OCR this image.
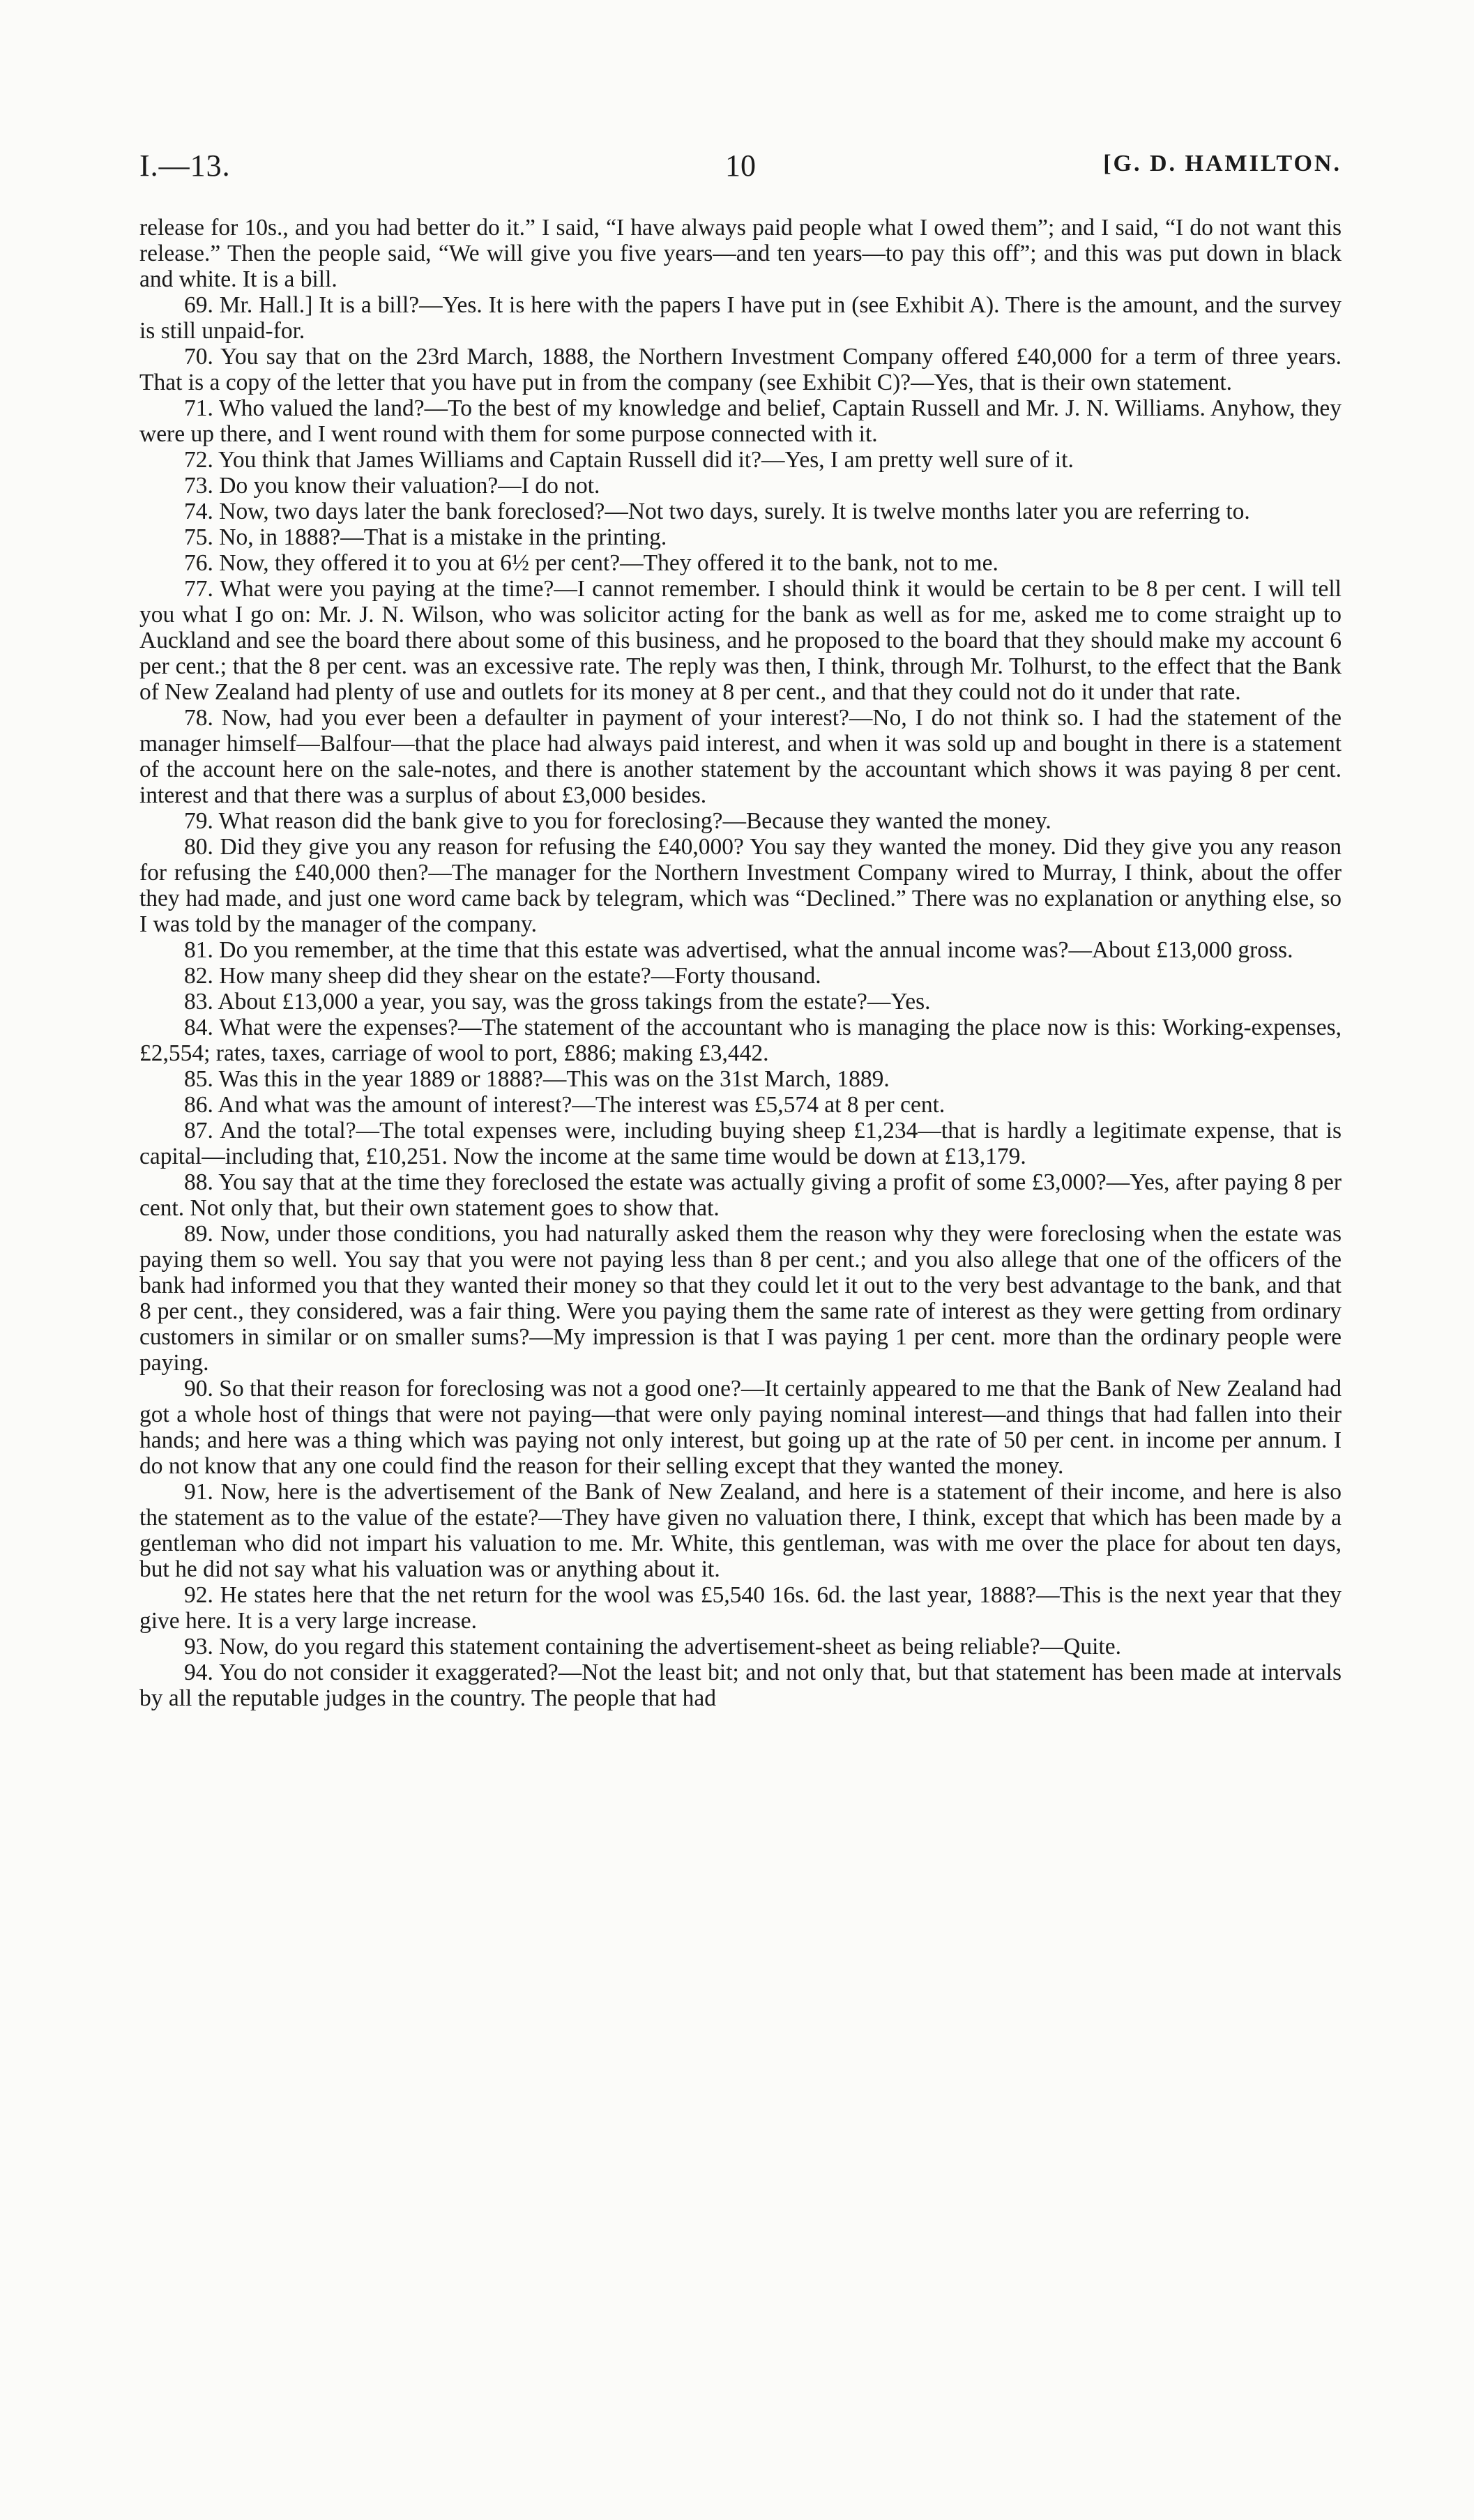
I.—13.	10	[G. D. HAMILTON.

release for 10s., and you had better do it.” I said, “I have always paid people what I owed them”; and I said, “I do not want this release.” Then the people said, “We will give you five years—and ten years—to pay this off”; and this was put down in black and white. It is a bill.

69. Mr. Hall.] It is a bill?—Yes. It is here with the papers I have put in (see Exhibit A). There is the amount, and the survey is still unpaid-for.

70. You say that on the 23rd March, 1888, the Northern Investment Company offered £40,000 for a term of three years. That is a copy of the letter that you have put in from the company (see Exhibit C)?—Yes, that is their own statement.

71. Who valued the land?—To the best of my knowledge and belief, Captain Russell and Mr. J. N. Williams. Anyhow, they were up there, and I went round with them for some purpose connected with it.

72. You think that James Williams and Captain Russell did it?—Yes, I am pretty well sure of it.

73. Do you know their valuation?—I do not.

74. Now, two days later the bank foreclosed?—Not two days, surely. It is twelve months later you are referring to.

75. No, in 1888?—That is a mistake in the printing.

76. Now, they offered it to you at 6½ per cent?—They offered it to the bank, not to me.

77. What were you paying at the time?—I cannot remember. I should think it would be certain to be 8 per cent. I will tell you what I go on: Mr. J. N. Wilson, who was solicitor acting for the bank as well as for me, asked me to come straight up to Auckland and see the board there about some of this business, and he proposed to the board that they should make my account 6 per cent.; that the 8 per cent. was an excessive rate. The reply was then, I think, through Mr. Tolhurst, to the effect that the Bank of New Zealand had plenty of use and outlets for its money at 8 per cent., and that they could not do it under that rate.

78. Now, had you ever been a defaulter in payment of your interest?—No, I do not think so. I had the statement of the manager himself—Balfour—that the place had always paid interest, and when it was sold up and bought in there is a statement of the account here on the sale-notes, and there is another statement by the accountant which shows it was paying 8 per cent. interest and that there was a surplus of about £3,000 besides.

79. What reason did the bank give to you for foreclosing?—Because they wanted the money.

80. Did they give you any reason for refusing the £40,000? You say they wanted the money. Did they give you any reason for refusing the £40,000 then?—The manager for the Northern Investment Company wired to Murray, I think, about the offer they had made, and just one word came back by telegram, which was “Declined.” There was no explanation or anything else, so I was told by the manager of the company.

81. Do you remember, at the time that this estate was advertised, what the annual income was?—About £13,000 gross.

82. How many sheep did they shear on the estate?—Forty thousand.

83. About £13,000 a year, you say, was the gross takings from the estate?—Yes.

84. What were the expenses?—The statement of the accountant who is managing the place now is this: Working-expenses, £2,554; rates, taxes, carriage of wool to port, £886; making £3,442.

85. Was this in the year 1889 or 1888?—This was on the 31st March, 1889.

86. And what was the amount of interest?—The interest was £5,574 at 8 per cent.

87. And the total?—The total expenses were, including buying sheep £1,234—that is hardly a legitimate expense, that is capital—including that, £10,251. Now the income at the same time would be down at £13,179.

88. You say that at the time they foreclosed the estate was actually giving a profit of some £3,000?—Yes, after paying 8 per cent. Not only that, but their own statement goes to show that.

89. Now, under those conditions, you had naturally asked them the reason why they were foreclosing when the estate was paying them so well. You say that you were not paying less than 8 per cent.; and you also allege that one of the officers of the bank had informed you that they wanted their money so that they could let it out to the very best advantage to the bank, and that 8 per cent., they considered, was a fair thing. Were you paying them the same rate of interest as they were getting from ordinary customers in similar or on smaller sums?—My impression is that I was paying 1 per cent. more than the ordinary people were paying.

90. So that their reason for foreclosing was not a good one?—It certainly appeared to me that the Bank of New Zealand had got a whole host of things that were not paying—that were only paying nominal interest—and things that had fallen into their hands; and here was a thing which was paying not only interest, but going up at the rate of 50 per cent. in income per annum. I do not know that any one could find the reason for their selling except that they wanted the money.

91. Now, here is the advertisement of the Bank of New Zealand, and here is a statement of their income, and here is also the statement as to the value of the estate?—They have given no valuation there, I think, except that which has been made by a gentleman who did not impart his valuation to me. Mr. White, this gentleman, was with me over the place for about ten days, but he did not say what his valuation was or anything about it.

92. He states here that the net return for the wool was £5,540 16s. 6d. the last year, 1888?—This is the next year that they give here. It is a very large increase.

93. Now, do you regard this statement containing the advertisement-sheet as being reliable?—Quite.

94. You do not consider it exaggerated?—Not the least bit; and not only that, but that statement has been made at intervals by all the reputable judges in the country. The people that had
